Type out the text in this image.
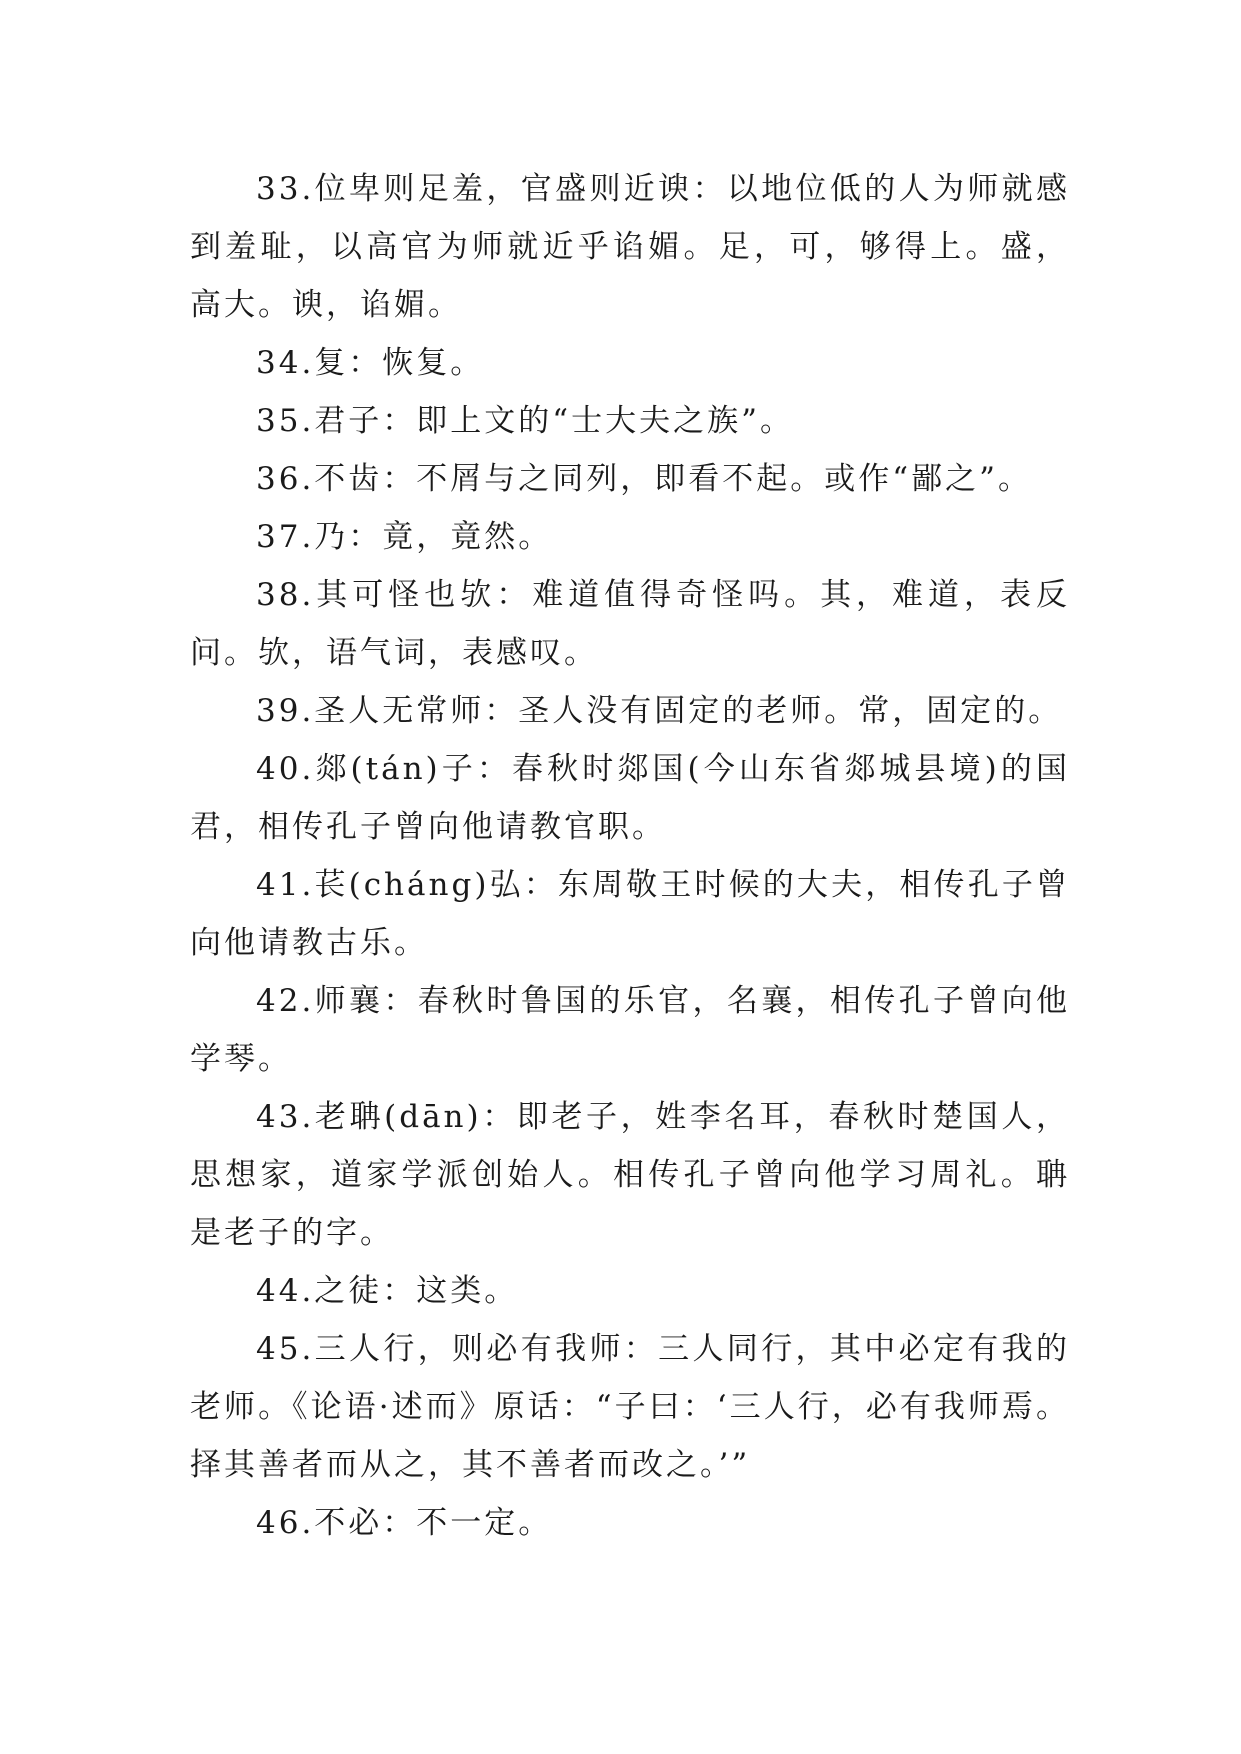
33.位卑则足羞，官盛则近谀：以地位低的人为师就感到羞耻，以高官为师就近乎谄媚。足，可，够得上。盛，高大。谀，谄媚。

34.复：恢复。

35.君子：即上文的“士大夫之族”。

36.不齿：不屑与之同列，即看不起。或作“鄙之”。

37.乃：竟，竟然。

38.其可怪也欤：难道值得奇怪吗。其，难道，表反问。欤，语气词，表感叹。

39.圣人无常师：圣人没有固定的老师。常，固定的。

40.郯(tán)子：春秋时郯国(今山东省郯城县境)的国君，相传孔子曾向他请教官职。

41.苌(cháng)弘：东周敬王时候的大夫，相传孔子曾向他请教古乐。

42.师襄：春秋时鲁国的乐官，名襄，相传孔子曾向他学琴。

43.老聃(dān)：即老子，姓李名耳，春秋时楚国人，思想家，道家学派创始人。相传孔子曾向他学习周礼。聃是老子的字。

44.之徒：这类。

45.三人行，则必有我师：三人同行，其中必定有我的老师。《论语·述而》原话：“子曰：‘三人行，必有我师焉。择其善者而从之，其不善者而改之。’”

46.不必：不一定。
